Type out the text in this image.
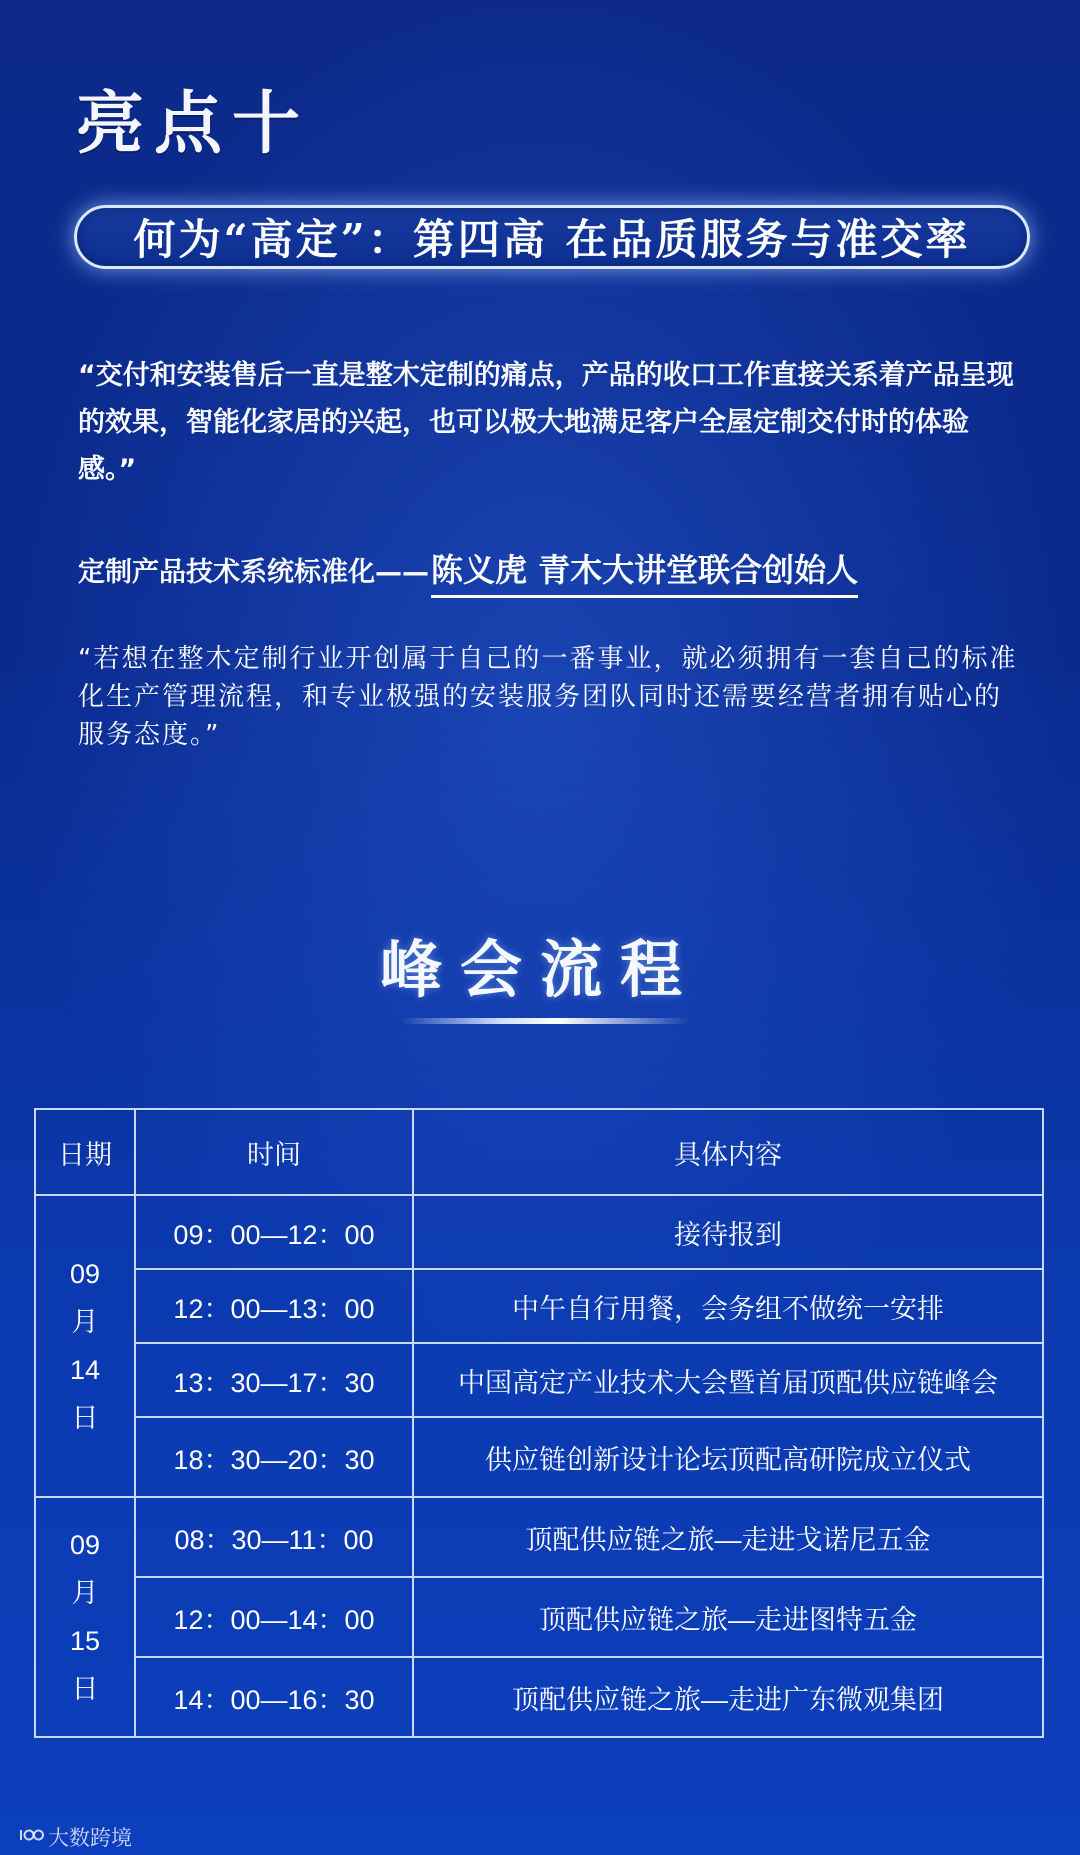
亮点十
何为“高定”：第四高 在品质服务与准交率
“交付和安装售后一直是整木定制的痛点，产品的收口工作直接关系着产品呈现的效果，智能化家居的兴起，也可以极大地满足客户全屋定制交付时的体验感。”
定制产品技术系统标准化—— 陈义虎 青木大讲堂联合创始人
“若想在整木定制行业开创属于自己的一番事业，就必须拥有一套自己的标准化生产管理流程，和专业极强的安装服务团队同时还需要经营者拥有贴心的服务态度。”
峰会流程
日期	时间	具体内容

09
月
14
日	09：00—12：00	接待报到
	12：00—13：00	中午自行用餐，会务组不做统一安排
	13：30—17：30	中国高定产业技术大会暨首届顶配供应链峰会
	18：30—20：30	供应链创新设计论坛顶配高研院成立仪式

09
月
15
日	08：30—11：00	顶配供应链之旅—走进戈诺尼五金
	12：00—14：00	顶配供应链之旅—走进图特五金
	14：00—16：30	顶配供应链之旅—走进广东微观集团
大数跨境
